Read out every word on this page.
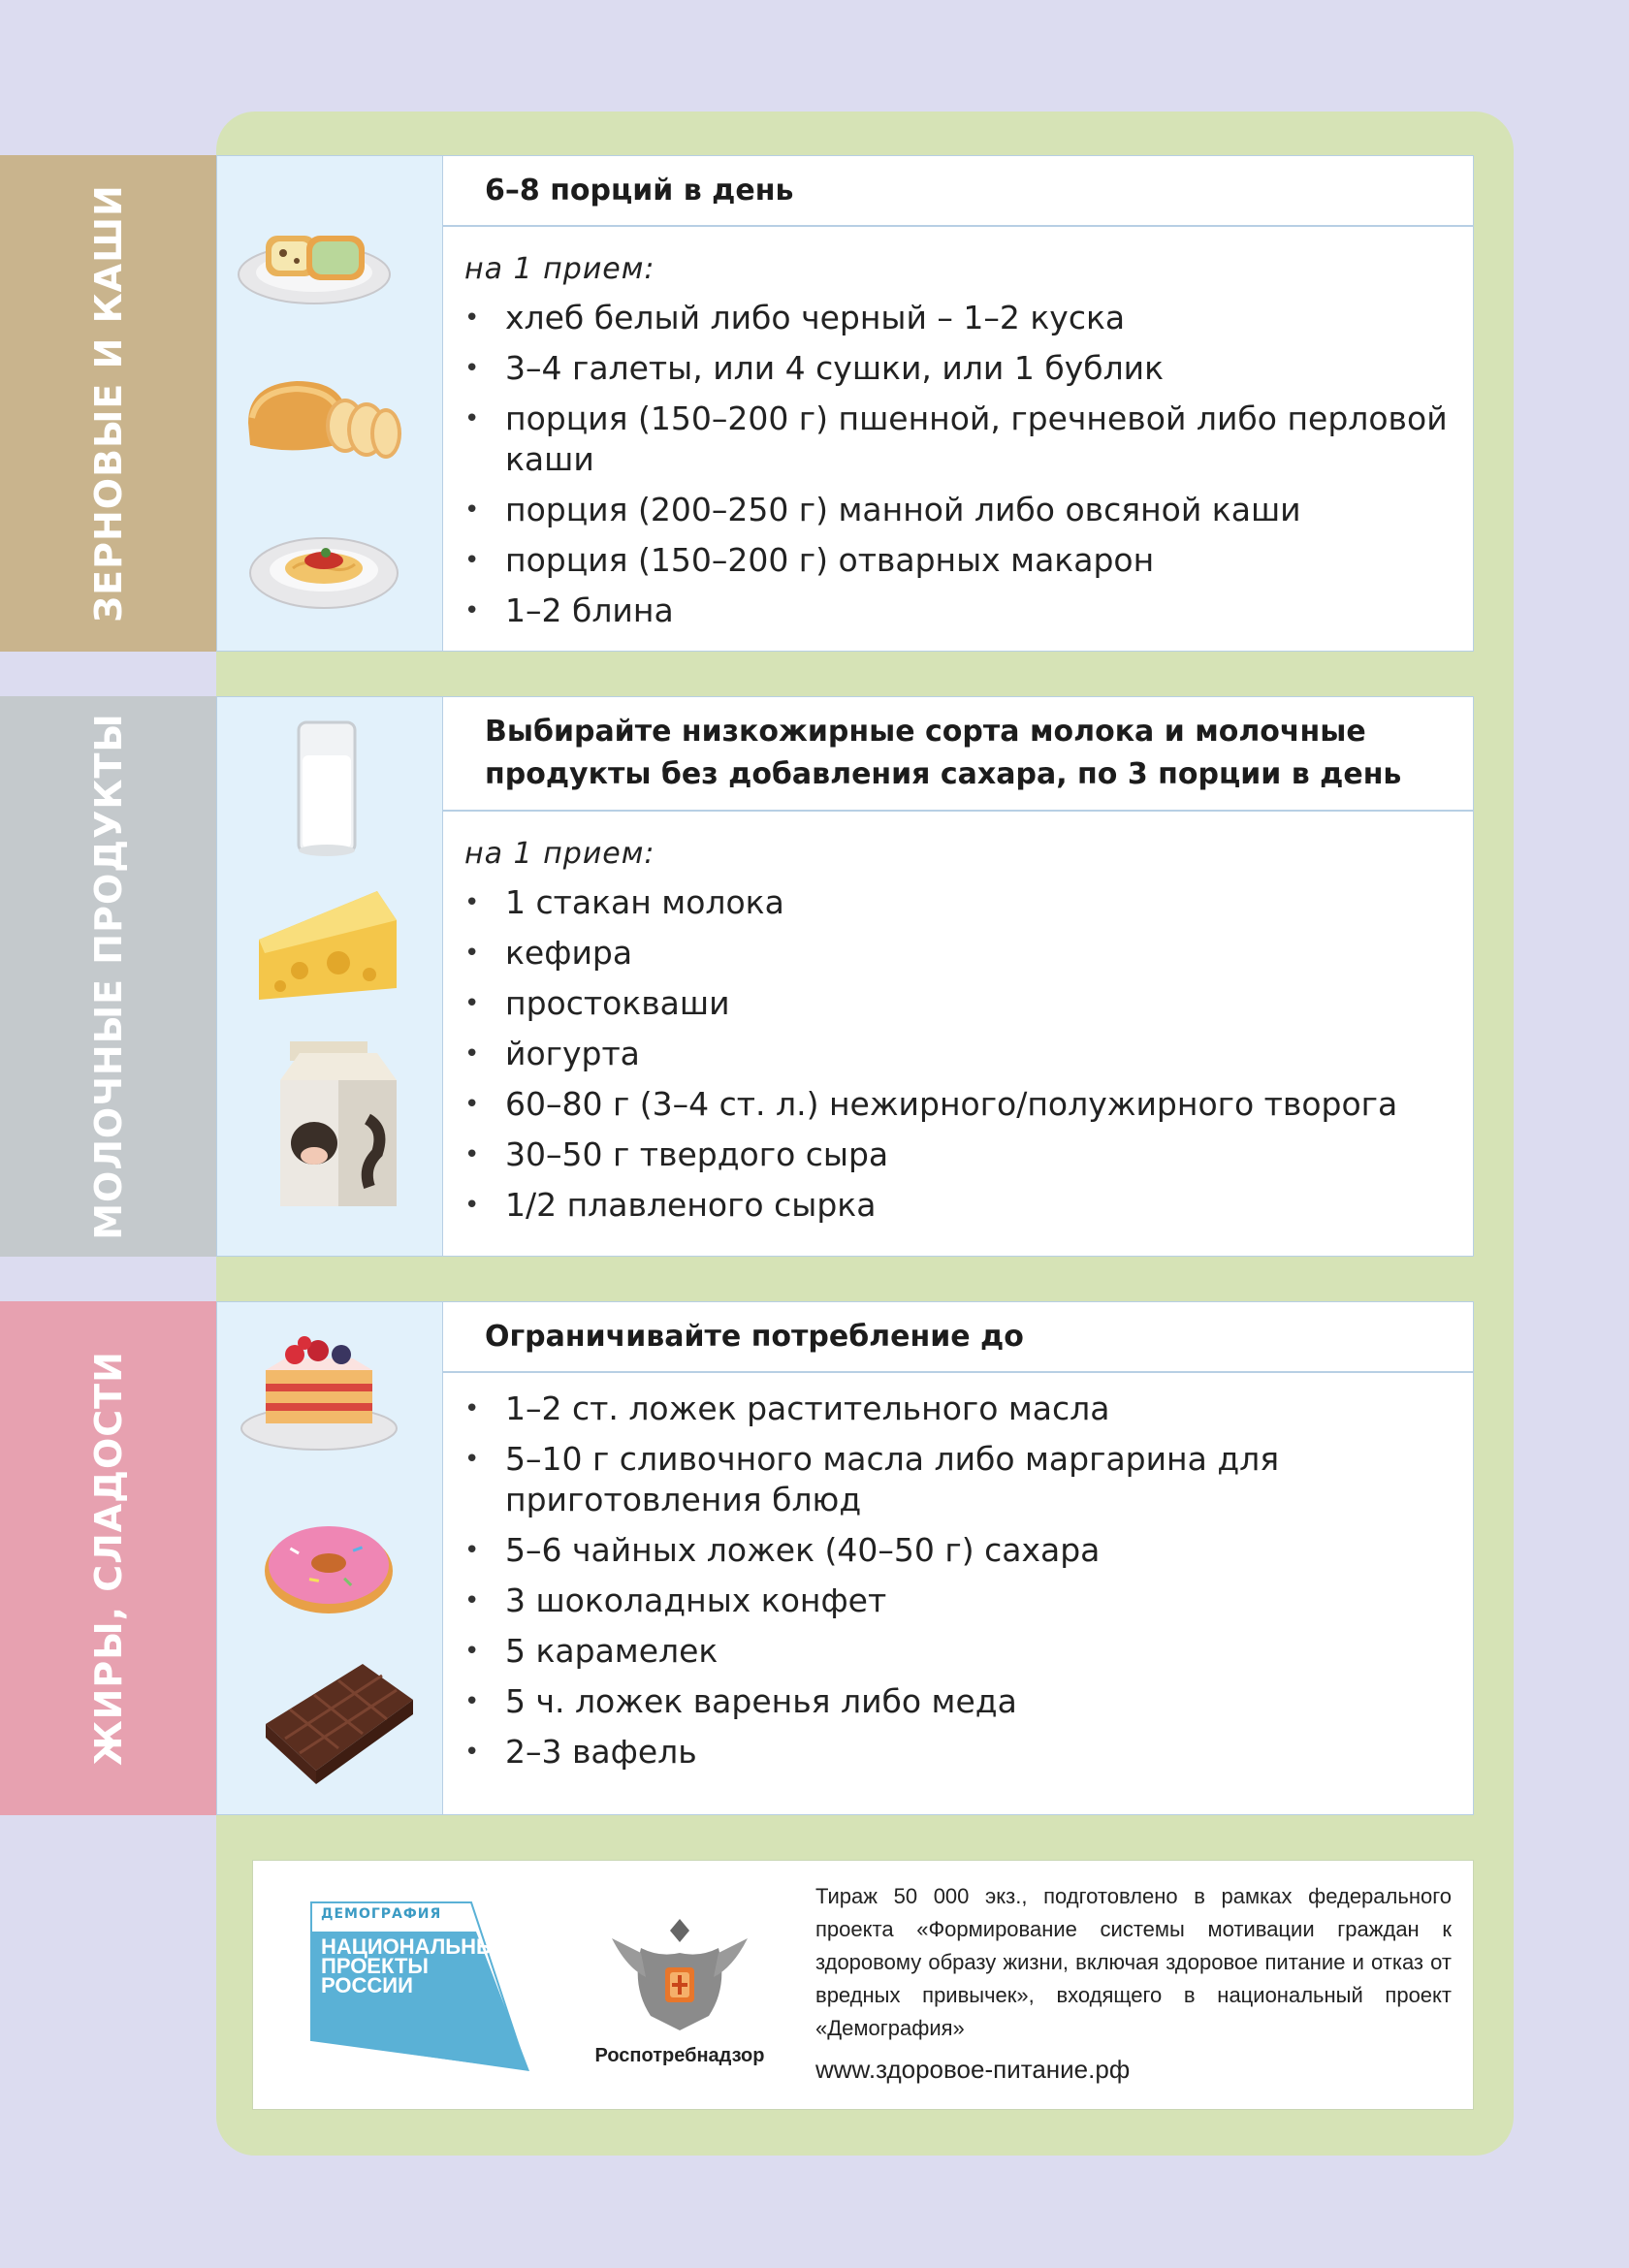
ЗЕРНОВЫЕ И КАШИ	6–8 порций в день
на 1 прием:
• хлеб белый либо черный – 1–2 куска
• 3–4 галеты, или 4 сушки, или 1 бублик
• порция (150–200 г) пшенной, гречневой либо перловой каши
• порция (200–250 г) манной либо овсяной каши
• порция (150–200 г) отварных макарон
• 1–2 блина
МОЛОЧНЫЕ ПРОДУКТЫ	Выбирайте низкожирные сорта молока и молочные продукты без добавления сахара, по 3 порции в день
на 1 прием:
• 1 стакан молока
• кефира
• простокваши
• йогурта
• 60–80 г (3–4 ст. л.) нежирного/полужирного творога
• 30–50 г твердого сыра
• 1/2 плавленого сырка
ЖИРЫ, СЛАДОСТИ
Ограничивайте потребление до
• 1–2 ст. ложек растительного масла
• 5–10 г сливочного масла либо маргарина для приготовления блюд
• 5–6 чайных ложек (40–50 г) сахара
• 3 шоколадных конфет
• 5 карамелек
• 5 ч. ложек варенья либо меда
• 2–3 вафель
ДЕМОГРАФИЯ
НАЦИОНАЛЬНЫЕ ПРОЕКТЫ РОССИИ
Роспотребнадзор
Тираж 50 000 экз., подготовлено в рамках федерального проекта «Формирование системы мотивации граждан к здоровому образу жизни, включая здоровое питание и отказ от вредных привычек», входящего в национальный проект «Демография»
www.здоровое-питание.рф
